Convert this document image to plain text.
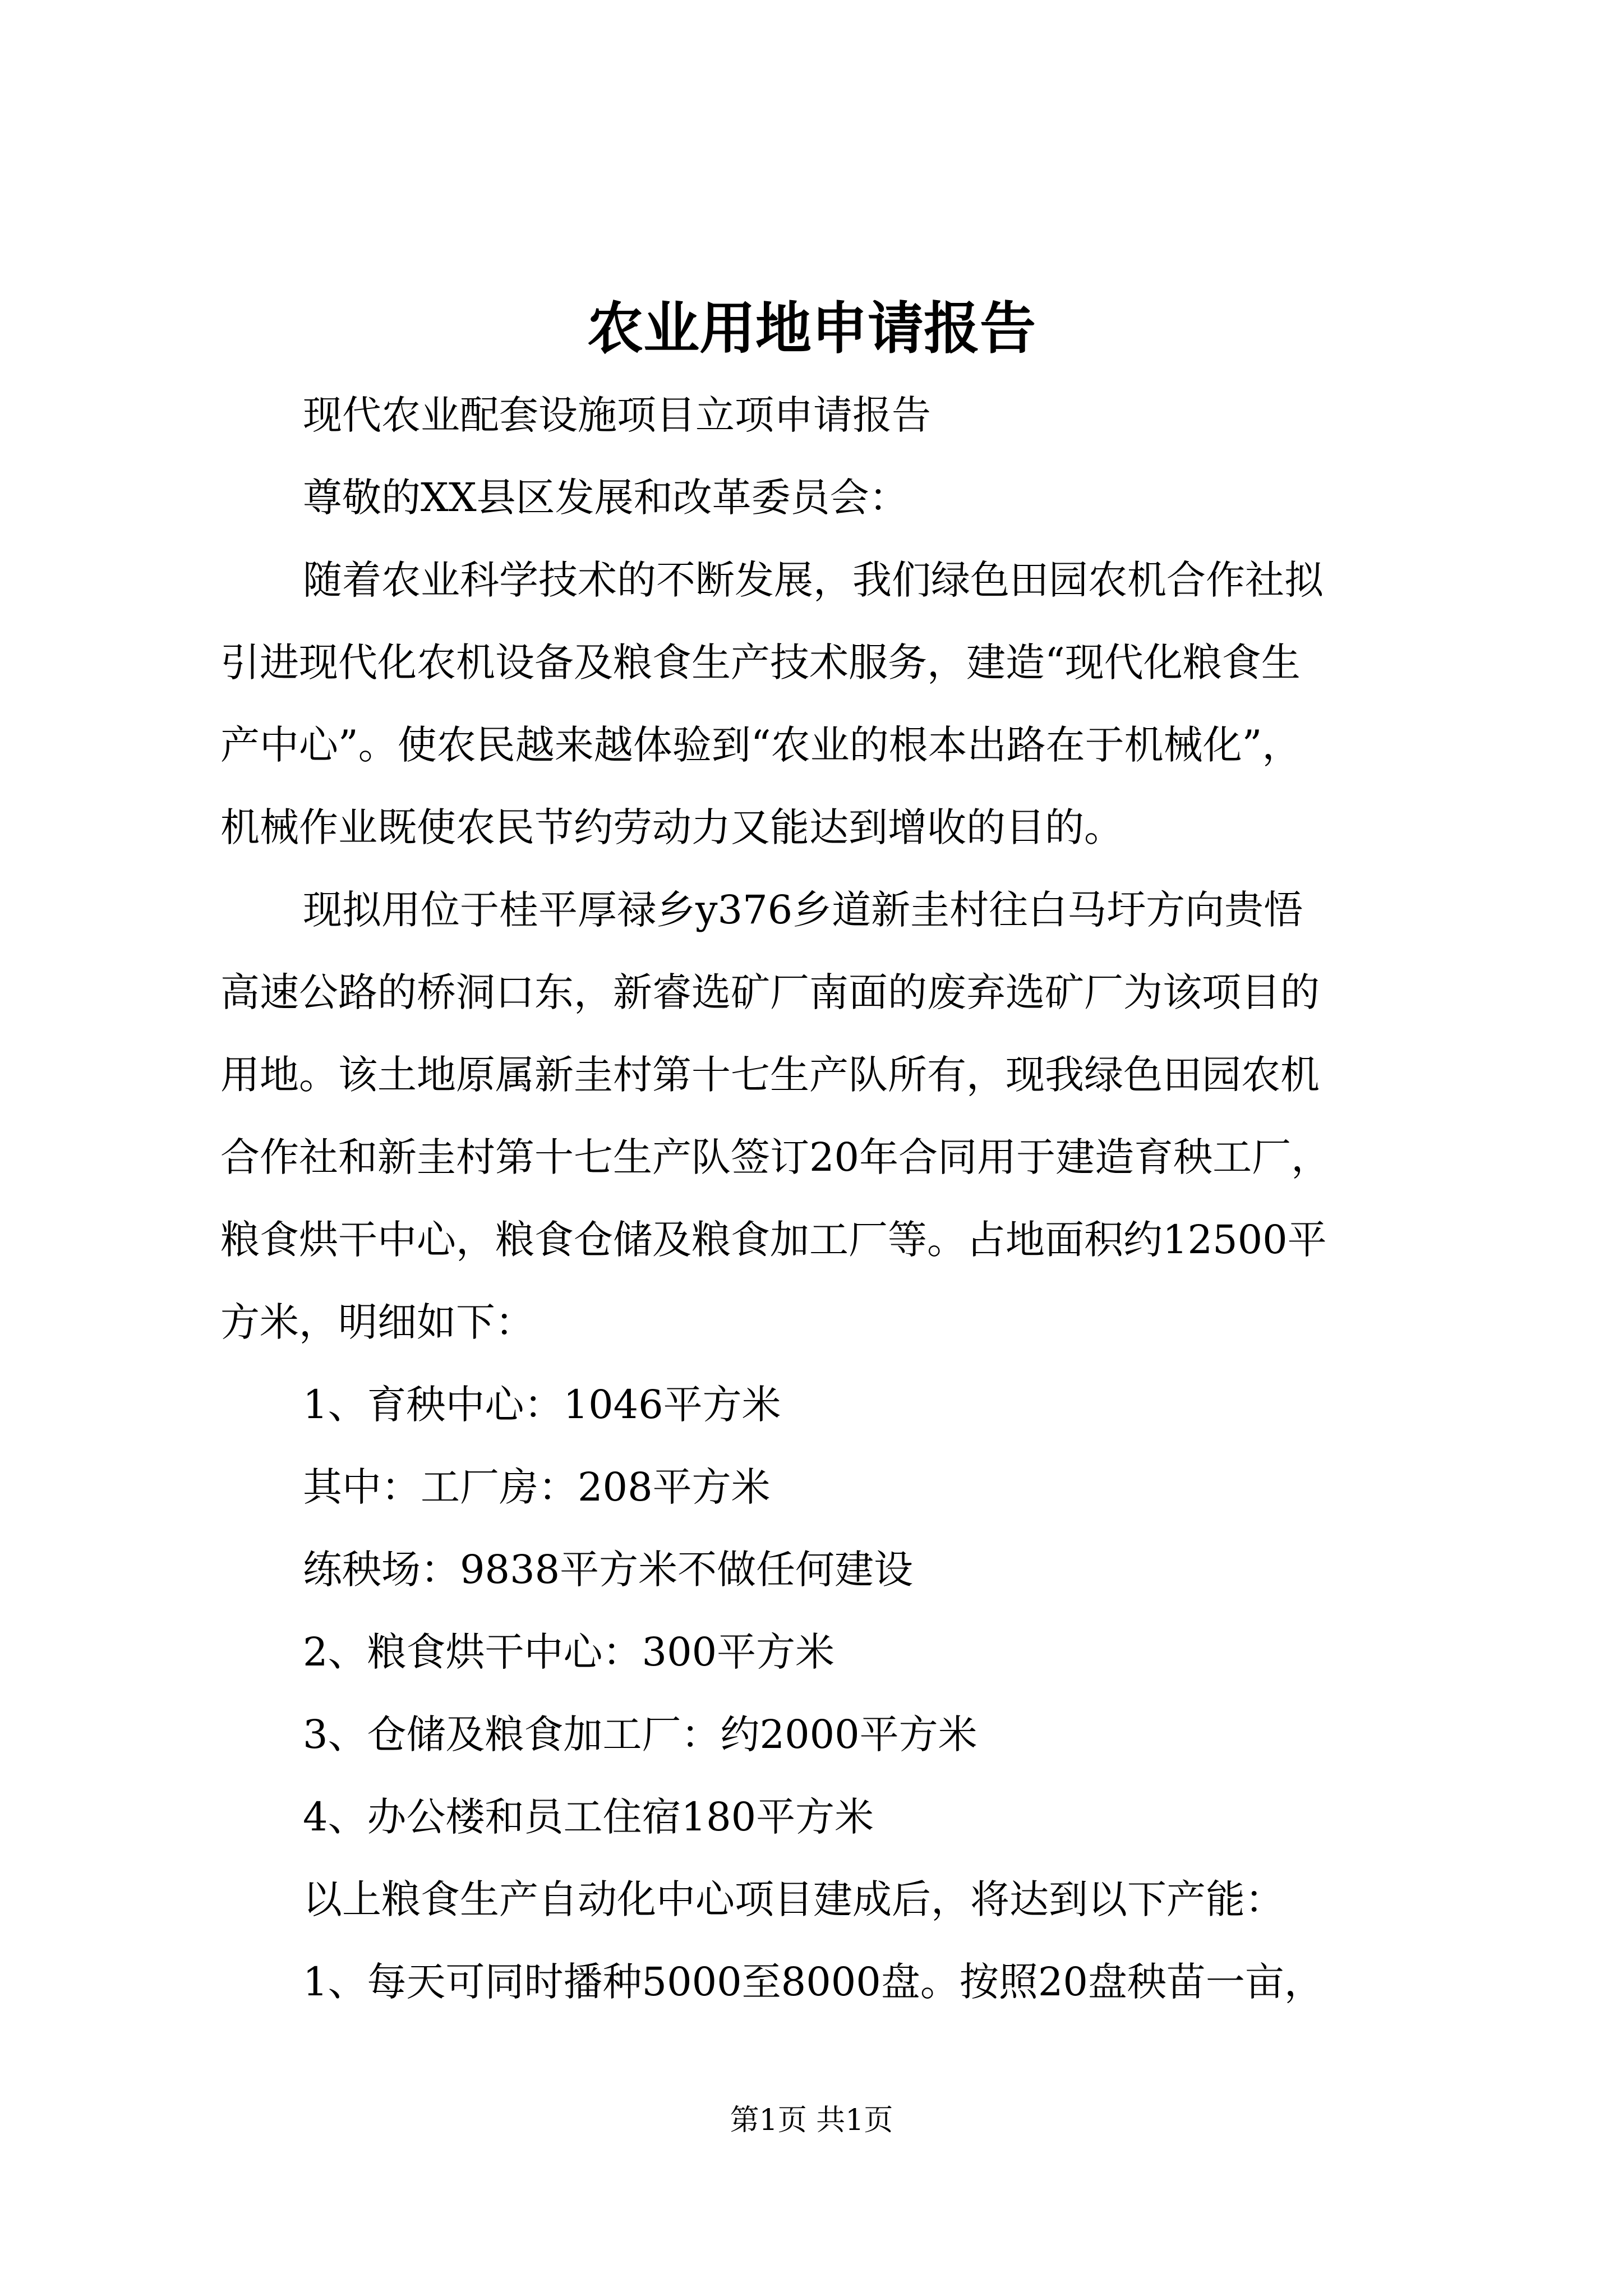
农业用地申请报告
现代农业配套设施项目立项申请报告
尊敬的XX县区发展和改革委员会：
随着农业科学技术的不断发展，我们绿色田园农机合作社拟
引进现代化农机设备及粮食生产技术服务，建造“现代化粮食生
产中心”。使农民越来越体验到“农业的根本出路在于机械化”，
机械作业既使农民节约劳动力又能达到增收的目的。
现拟用位于桂平厚禄乡y376乡道新圭村往白马圩方向贵悟
高速公路的桥洞口东，新睿选矿厂南面的废弃选矿厂为该项目的
用地。该土地原属新圭村第十七生产队所有，现我绿色田园农机
合作社和新圭村第十七生产队签订20年合同用于建造育秧工厂，
粮食烘干中心，粮食仓储及粮食加工厂等。占地面积约12500平
方米，明细如下：
1、育秧中心：1046平方米
其中：工厂房：208平方米
练秧场：9838平方米不做任何建设
2、粮食烘干中心：300平方米
3、仓储及粮食加工厂：约2000平方米
4、办公楼和员工住宿180平方米
以上粮食生产自动化中心项目建成后，将达到以下产能：
1、每天可同时播种5000至8000盘。按照20盘秧苗一亩，
第1页 共1页
